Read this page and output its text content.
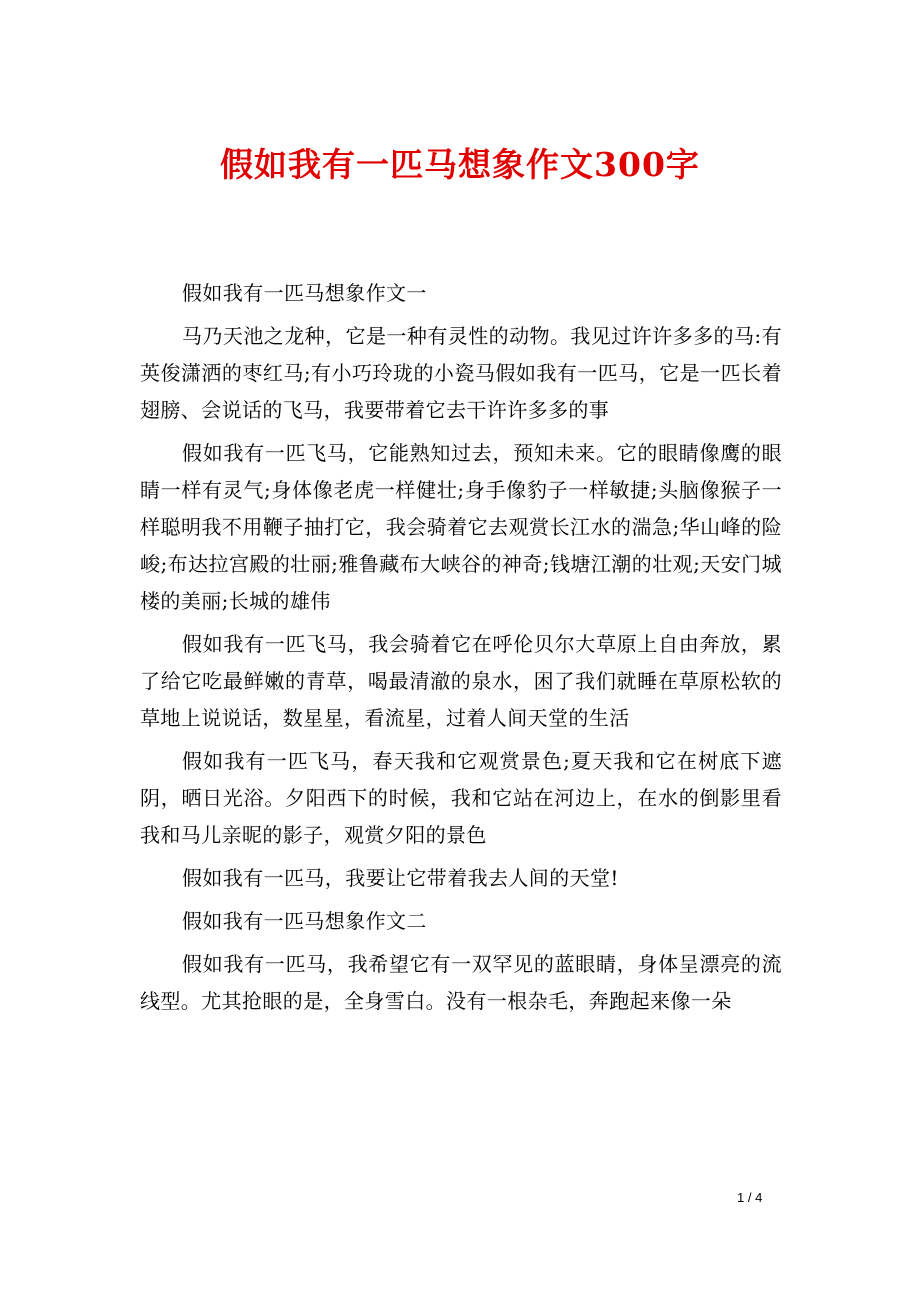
假如我有一匹马想象作文300字

假如我有一匹马想象作文一

马乃天池之龙种，它是一种有灵性的动物。我见过许许多多的马:有英俊潇洒的枣红马;有小巧玲珑的小瓷马假如我有一匹马，它是一匹长着翅膀、会说话的飞马，我要带着它去干许许多多的事

假如我有一匹飞马，它能熟知过去，预知未来。它的眼睛像鹰的眼睛一样有灵气;身体像老虎一样健壮;身手像豹子一样敏捷;头脑像猴子一样聪明我不用鞭子抽打它，我会骑着它去观赏长江水的湍急;华山峰的险峻;布达拉宫殿的壮丽;雅鲁藏布大峡谷的神奇;钱塘江潮的壮观;天安门城楼的美丽;长城的雄伟

假如我有一匹飞马，我会骑着它在呼伦贝尔大草原上自由奔放，累了给它吃最鲜嫩的青草，喝最清澈的泉水，困了我们就睡在草原松软的草地上说说话，数星星，看流星，过着人间天堂的生活

假如我有一匹飞马，春天我和它观赏景色;夏天我和它在树底下遮阴，晒日光浴。夕阳西下的时候，我和它站在河边上，在水的倒影里看我和马儿亲昵的影子，观赏夕阳的景色

假如我有一匹马，我要让它带着我去人间的天堂!

假如我有一匹马想象作文二

假如我有一匹马，我希望它有一双罕见的蓝眼睛，身体呈漂亮的流线型。尤其抢眼的是，全身雪白。没有一根杂毛，奔跑起来像一朵

1 / 4
